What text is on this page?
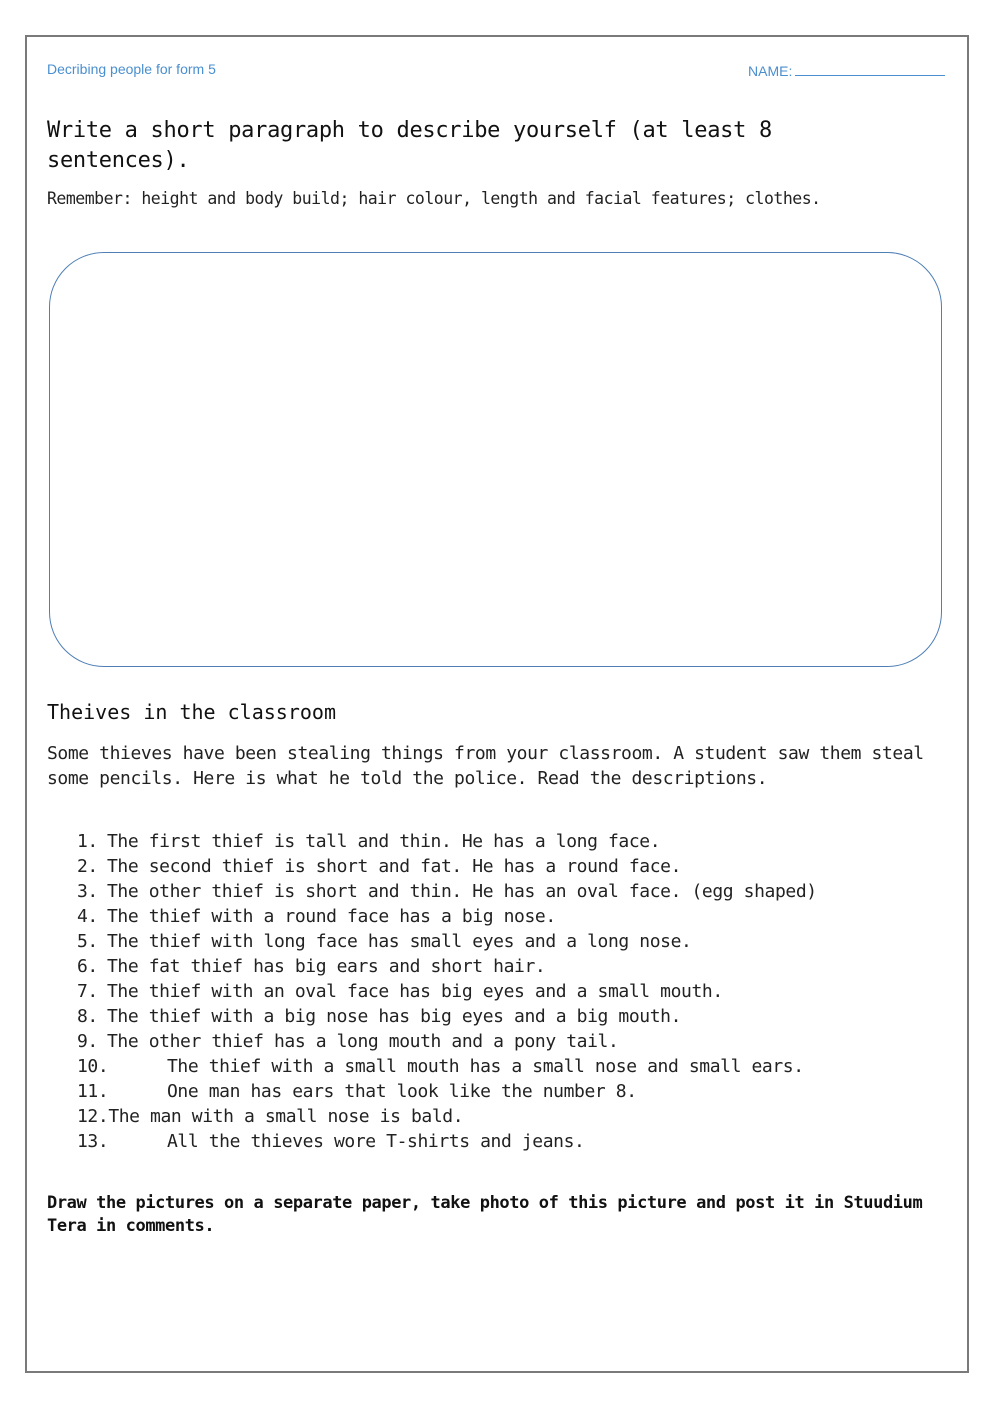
Decribing people for form 5	NAME:
Write a short paragraph to describe yourself (at least 8 sentences).
Remember: height and body build; hair colour, length and facial features; clothes.
Theives in the classroom
Some thieves have been stealing things from your classroom. A student saw them steal some pencils. Here is what he told the police. Read the descriptions.
1. The first thief is tall and thin. He has a long face.
2. The second thief is short and fat. He has a round face.
3. The other thief is short and thin. He has an oval face. (egg shaped)
4. The thief with a round face has a big nose.
5. The thief with long face has small eyes and a long nose.
6. The fat thief has big ears and short hair.
7. The thief with an oval face has big eyes and a small mouth.
8. The thief with a big nose has big eyes and a big mouth.
9. The other thief has a long mouth and a pony tail.
10.	The thief with a small mouth has a small nose and small ears.
11.	One man has ears that look like the number 8.
12.The man with a small nose is bald.
13.	All the thieves wore T-shirts and jeans.
Draw the pictures on a separate paper, take photo of this picture and post it in Stuudium Tera in comments.
